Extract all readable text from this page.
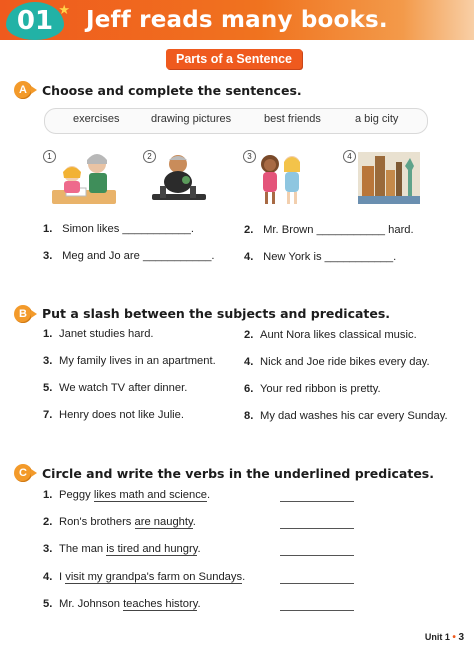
01 ★ Jeff reads many books.
Parts of a Sentence
A	Choose and complete the sentences.
exercises	drawing pictures	best friends	a big city
1	2	3	4
1. Simon likes ___________.	2. Mr. Brown ___________ hard.
3. Meg and Jo are ___________.	4. New York is ___________.
B	Put a slash between the subjects and predicates.
1. Janet studies hard.	2. Aunt Nora likes classical music.
3. My family lives in an apartment.	4. Nick and Joe ride bikes every day.
5. We watch TV after dinner.	6. Your red ribbon is pretty.
7. Henry does not like Julie.	8. My dad washes his car every Sunday.
C	Circle and write the verbs in the underlined predicates.
1. Peggy likes math and science.
2. Ron's brothers are naughty.
3. The man is tired and hungry.
4. I visit my grandpa's farm on Sundays.
5. Mr. Johnson teaches history.
Unit 1 • 3
